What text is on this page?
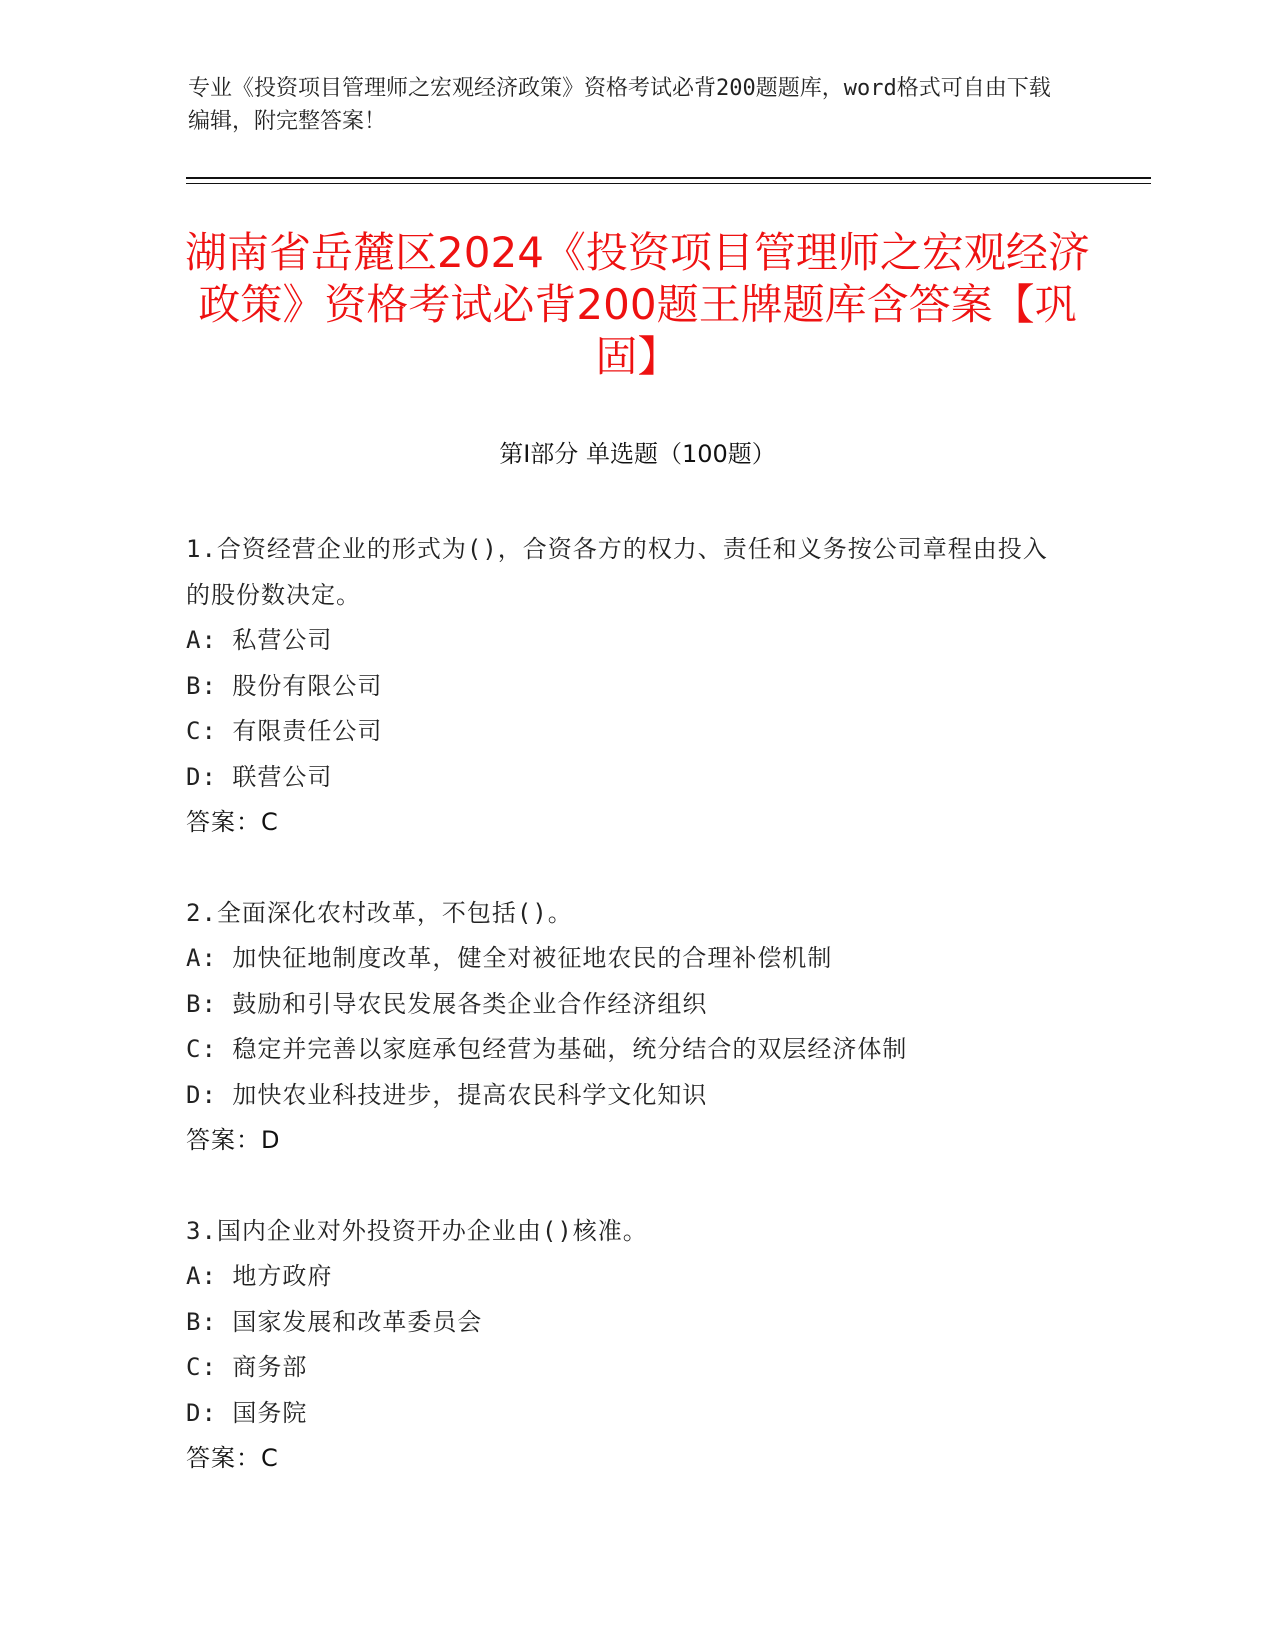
专业《投资项目管理师之宏观经济政策》资格考试必背200题题库，word格式可自由下载编辑，附完整答案！
湖南省岳麓区2024《投资项目管理师之宏观经济政策》资格考试必背200题王牌题库含答案【巩固】
第I部分 单选题（100题）
1.合资经营企业的形式为()，合资各方的权力、责任和义务按公司章程由投入的股份数决定。
A: 私营公司
B: 股份有限公司
C: 有限责任公司
D: 联营公司
答案：C
2.全面深化农村改革，不包括()。
A: 加快征地制度改革，健全对被征地农民的合理补偿机制
B: 鼓励和引导农民发展各类企业合作经济组织
C: 稳定并完善以家庭承包经营为基础，统分结合的双层经济体制
D: 加快农业科技进步，提高农民科学文化知识
答案：D
3.国内企业对外投资开办企业由()核准。
A: 地方政府
B: 国家发展和改革委员会
C: 商务部
D: 国务院
答案：C
